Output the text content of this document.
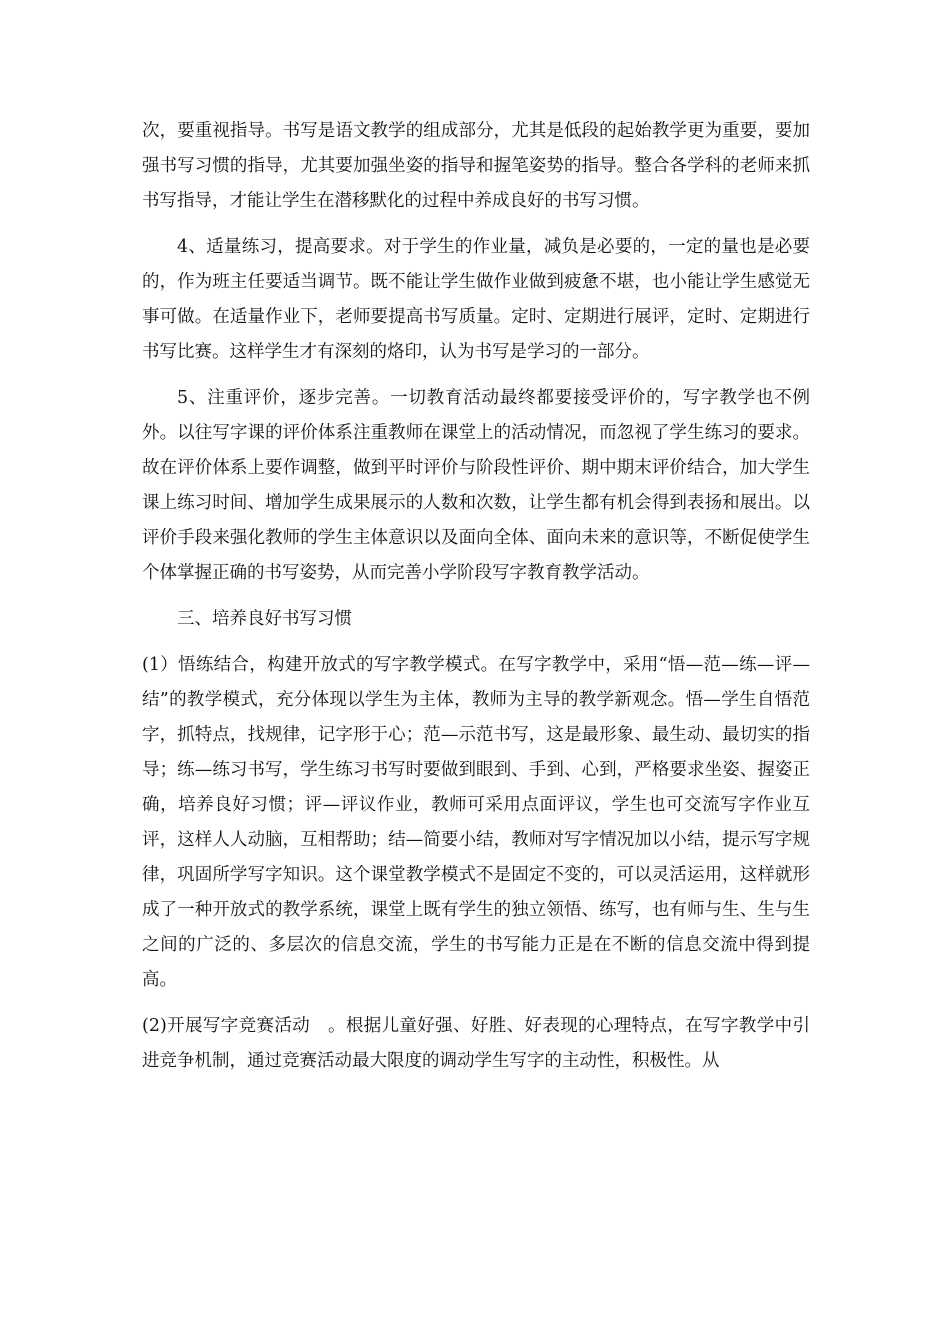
次，要重视指导。书写是语文教学的组成部分，尤其是低段的起始教学更为重要，要加强书写习惯的指导，尤其要加强坐姿的指导和握笔姿势的指导。整合各学科的老师来抓书写指导，才能让学生在潜移默化的过程中养成良好的书写习惯。

4、适量练习，提高要求。对于学生的作业量，减负是必要的，一定的量也是必要的，作为班主任要适当调节。既不能让学生做作业做到疲惫不堪，也小能让学生感觉无事可做。在适量作业下，老师要提高书写质量。定时、定期进行展评，定时、定期进行书写比赛。这样学生才有深刻的烙印，认为书写是学习的一部分。

5、注重评价，逐步完善。一切教育活动最终都要接受评价的，写字教学也不例外。以往写字课的评价体系注重教师在课堂上的活动情况，而忽视了学生练习的要求。故在评价体系上要作调整，做到平时评价与阶段性评价、期中期末评价结合，加大学生课上练习时间、增加学生成果展示的人数和次数，让学生都有机会得到表扬和展出。以评价手段来强化教师的学生主体意识以及面向全体、面向未来的意识等，不断促使学生个体掌握正确的书写姿势，从而完善小学阶段写字教育教学活动。

三、培养良好书写习惯

(1）悟练结合，构建开放式的写字教学模式。在写字教学中，采用“悟—范—练—评—结”的教学模式，充分体现以学生为主体，教师为主导的教学新观念。悟—学生自悟范字，抓特点，找规律，记字形于心；范—示范书写，这是最形象、最生动、最切实的指导；练—练习书写，学生练习书写时要做到眼到、手到、心到，严格要求坐姿、握姿正确，培养良好习惯；评—评议作业，教师可采用点面评议，学生也可交流写字作业互评，这样人人动脑，互相帮助；结—简要小结，教师对写字情况加以小结，提示写字规律，巩固所学写字知识。这个课堂教学模式不是固定不变的，可以灵活运用，这样就形成了一种开放式的教学系统，课堂上既有学生的独立领悟、练写，也有师与生、生与生之间的广泛的、多层次的信息交流，学生的书写能力正是在不断的信息交流中得到提高。

(2)开展写字竞赛活动　。根据儿童好强、好胜、好表现的心理特点，在写字教学中引进竞争机制，通过竞赛活动最大限度的调动学生写字的主动性，积极性。从
